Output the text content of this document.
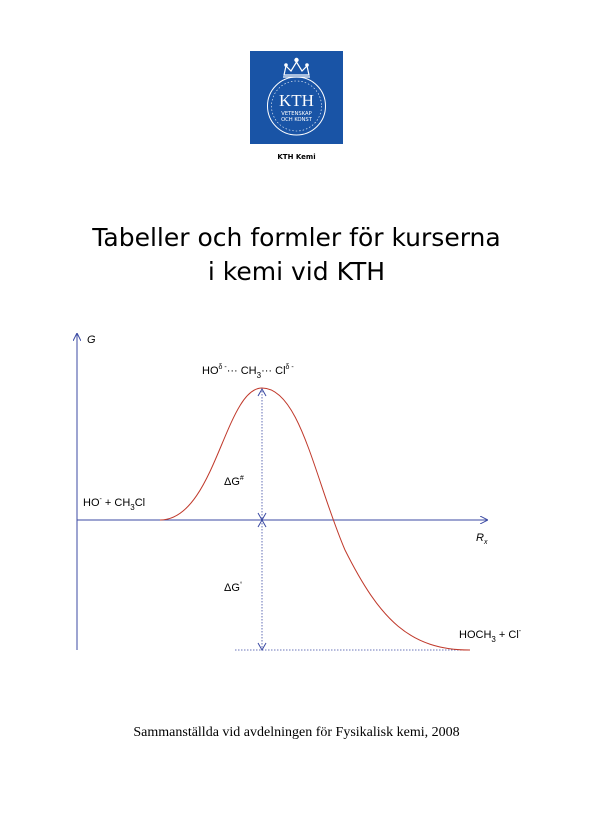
KTH
VETENSKAP
OCH KONST
KTH Kemi
Tabeller och formler för kurserna
i kemi vid KTH
G
$R_x$
$HO^- + CH_3Cl$
$HO^{\delta -}\cdot\cdot\cdot CH_3\cdot\cdot\cdot Cl^{\delta -}$
$HOCH_3 + Cl^-$
ΔG#
ΔG°
Sammanställda vid avdelningen för Fysikalisk kemi, 2008
